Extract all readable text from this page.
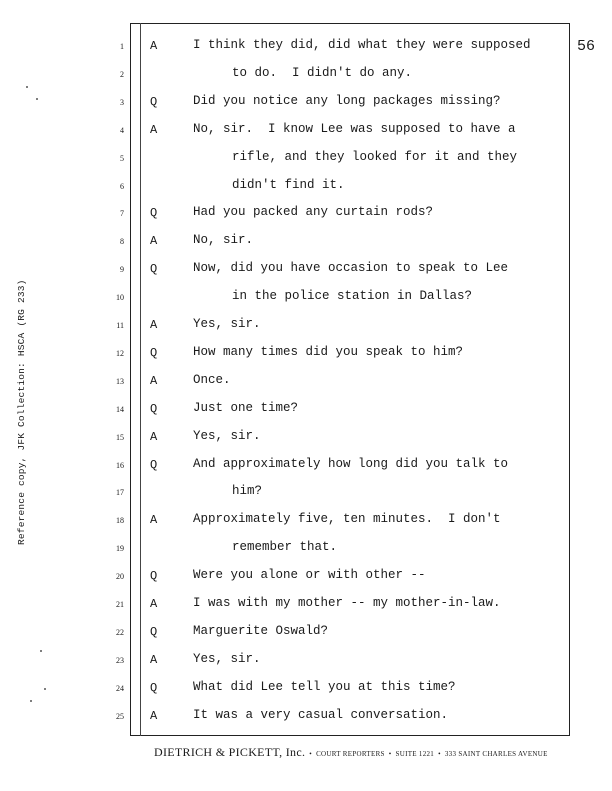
56
Reference copy, JFK Collection: HSCA (RG 233)
1 A	I think they did, did what they were supposed
2	to do.  I didn't do any.
3 Q	Did you notice any long packages missing?
4 A	No, sir.  I know Lee was supposed to have a
5	rifle, and they looked for it and they
6	didn't find it.
7 Q	Had you packed any curtain rods?
8 A	No, sir.
9 Q	Now, did you have occasion to speak to Lee
10	in the police station in Dallas?
11 A	Yes, sir.
12 Q	How many times did you speak to him?
13 A	Once.
14 Q	Just one time?
15 A	Yes, sir.
16 Q	And approximately how long did you talk to
17	him?
18 A	Approximately five, ten minutes.  I don't
19	remember that.
20 Q	Were you alone or with other --
21 A	I was with my mother -- my mother-in-law.
22 Q	Marguerite Oswald?
23 A	Yes, sir.
24 Q	What did Lee tell you at this time?
25 A	It was a very casual conversation.
DIETRICH & PICKETT, Inc. • COURT REPORTERS • SUITE 1221 • 333 SAINT CHARLES AVENUE
